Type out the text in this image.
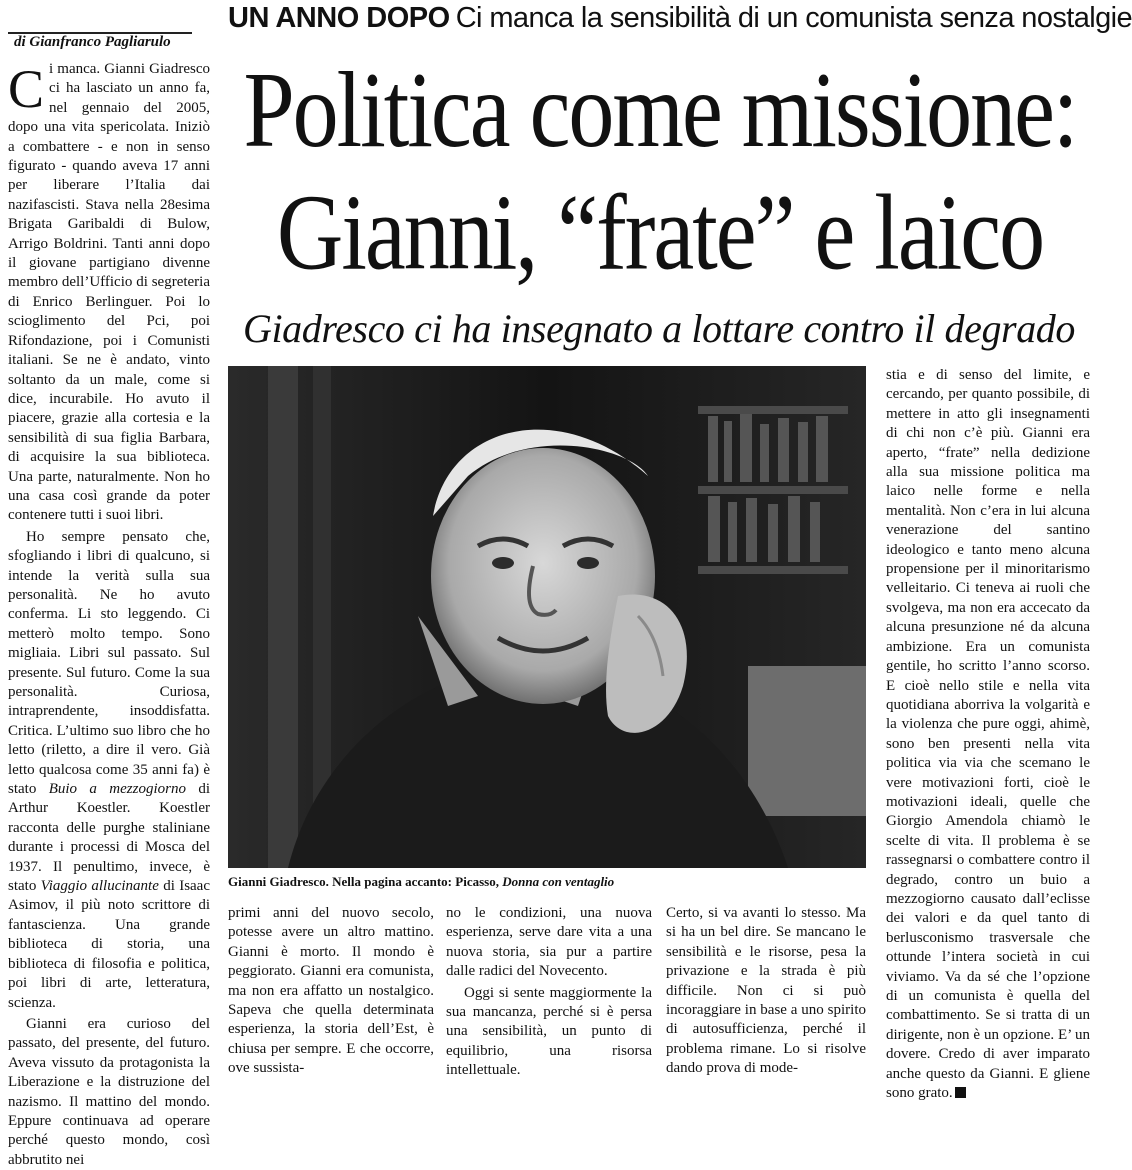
di Gianfranco Pagliarulo
UN ANNO DOPO Ci manca la sensibilità di un comunista senza nostalgie
Politica come missione:
Gianni, “frate” e laico
Giadresco ci ha insegnato a lottare contro il degrado
Gianni Giadresco. Nella pagina accanto: Picasso, Donna con ventaglio

Ci manca. Gianni Giadresco ci ha lasciato un anno fa, nel gennaio del 2005, dopo una vita spericolata. Iniziò a combattere - e non in senso figurato - quando aveva 17 anni per liberare l’Italia dai nazifascisti. Stava nella 28esima Brigata Garibaldi di Bulow, Arrigo Boldrini. Tanti anni dopo il giovane partigiano divenne membro dell’Ufficio di segreteria di Enrico Berlinguer. Poi lo scioglimento del Pci, poi Rifondazione, poi i Comunisti italiani. Se ne è andato, vinto soltanto da un male, come si dice, incurabile. Ho avuto il piacere, grazie alla cortesia e la sensibilità di sua figlia Barbara, di acquisire la sua biblioteca. Una parte, naturalmente. Non ho una casa così grande da poter contenere tutti i suoi libri.

Ho sempre pensato che, sfogliando i libri di qualcuno, si intende la verità sulla sua personalità. Ne ho avuto conferma. Li sto leggendo. Ci metterò molto tempo. Sono migliaia. Libri sul passato. Sul presente. Sul futuro. Come la sua personalità. Curiosa, intraprendente, insoddisfatta. Critica. L’ultimo suo libro che ho letto (riletto, a dire il vero. Già letto qualcosa come 35 anni fa) è stato Buio a mezzogiorno di Arthur Koestler. Koestler racconta delle purghe staliniane durante i processi di Mosca del 1937. Il penultimo, invece, è stato Viaggio allucinante di Isaac Asimov, il più noto scrittore di fantascienza. Una grande biblioteca di storia, una biblioteca di filosofia e politica, poi libri di arte, letteratura, scienza.

Gianni era curioso del passato, del presente, del futuro. Aveva vissuto da protagonista la Liberazione e la distruzione del nazismo. Il mattino del mondo. Eppure continuava ad operare perché questo mondo, così abbrutito nei

primi anni del nuovo secolo, potesse avere un altro mattino. Gianni è morto. Il mondo è peggiorato. Gianni era comunista, ma non era affatto un nostalgico. Sapeva che quella determinata esperienza, la storia dell’Est, è chiusa per sempre. E che occorre, ove sussista-

no le condizioni, una nuova esperienza, serve dare vita a una nuova storia, sia pur a partire dalle radici del Novecento.

Oggi si sente maggiormente la sua mancanza, perché si è persa una sensibilità, un punto di equilibrio, una risorsa intellettuale.

Certo, si va avanti lo stesso. Ma si ha un bel dire. Se mancano le sensibilità e le risorse, pesa la privazione e la strada è più difficile. Non ci si può incoraggiare in base a uno spirito di autosufficienza, perché il problema rimane. Lo si risolve dando prova di mode-

stia e di senso del limite, e cercando, per quanto possibile, di mettere in atto gli insegnamenti di chi non c’è più. Gianni era aperto, “frate” nella dedizione alla sua missione politica ma laico nelle forme e nella mentalità. Non c’era in lui alcuna venerazione del santino ideologico e tanto meno alcuna propensione per il minoritarismo velleitario. Ci teneva ai ruoli che svolgeva, ma non era accecato da alcuna presunzione né da alcuna ambizione. Era un comunista gentile, ho scritto l’anno scorso. E cioè nello stile e nella vita quotidiana aborriva la volgarità e la violenza che pure oggi, ahimè, sono ben presenti nella vita politica via via che scemano le vere motivazioni forti, cioè le motivazioni ideali, quelle che Giorgio Amendola chiamò le scelte di vita. Il problema è se rassegnarsi o combattere contro il degrado, contro un buio a mezzogiorno causato dall’eclisse dei valori e da quel tanto di berlusconismo trasversale che ottunde l’intera società in cui viviamo. Va da sé che l’opzione di un comunista è quella del combattimento. Se si tratta di un dirigente, non è un opzione. E’ un dovere. Credo di aver imparato anche questo da Gianni. E gliene sono grato.
